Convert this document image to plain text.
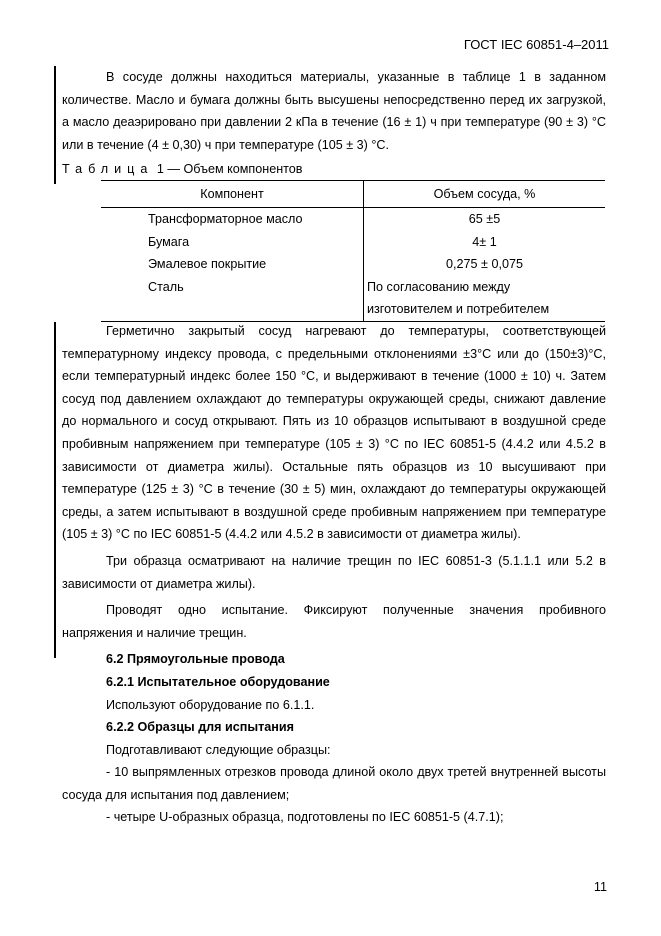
ГОСТ IEC 60851-4–2011

В сосуде должны находиться материалы, указанные в таблице 1 в заданном количестве. Масло и бумага должны быть высушены непосредственно перед их загрузкой, а масло деаэрировано при давлении 2 кПа в течение (16 ± 1) ч при температуре (90 ± 3) °С или в течение (4 ± 0,30) ч при температуре (105 ± 3) °С.

Таблица 1 — Объем компонентов
Компонент	Объем сосуда, %
Трансформаторное масло	65 ±5
Бумага	4± 1
Эмалевое покрытие	0,275 ± 0,075
Сталь	По согласованию между
	изготовителем и потребителем

Герметично закрытый сосуд нагревают до температуры, соответствующей температурному индексу провода, с предельными отклонениями ±3°С или до (150±3)°С, если температурный индекс более 150 °С, и выдерживают в течение (1000 ± 10) ч. Затем сосуд под давлением охлаждают до температуры окружающей среды, снижают давление до нормального и сосуд открывают. Пять из 10 образцов испытывают в воздушной среде пробивным напряжением при температуре (105 ± 3) °С по IEC 60851-5 (4.4.2 или 4.5.2 в зависимости от диаметра жилы). Остальные пять образцов из 10 высушивают при температуре (125 ± 3) °С в течение (30 ± 5) мин, охлаждают до температуры окружающей среды, а затем испытывают в воздушной среде пробивным напряжением при температуре (105 ± 3) °С по IEC 60851-5 (4.4.2 или 4.5.2 в зависимости от диаметра жилы).

Три образца осматривают на наличие трещин по IEC 60851-3 (5.1.1.1 или 5.2 в зависимости от диаметра жилы).

Проводят одно испытание. Фиксируют полученные значения пробивного напряжения и наличие трещин.

6.2 Прямоугольные провода

6.2.1 Испытательное оборудование

Используют оборудование по 6.1.1.

6.2.2 Образцы для испытания

Подготавливают следующие образцы:

- 10 выпрямленных отрезков провода длиной около двух третей внутренней высоты сосуда для испытания под давлением;

- четыре U-образных образца, подготовлены по IEC 60851-5 (4.7.1);

11
